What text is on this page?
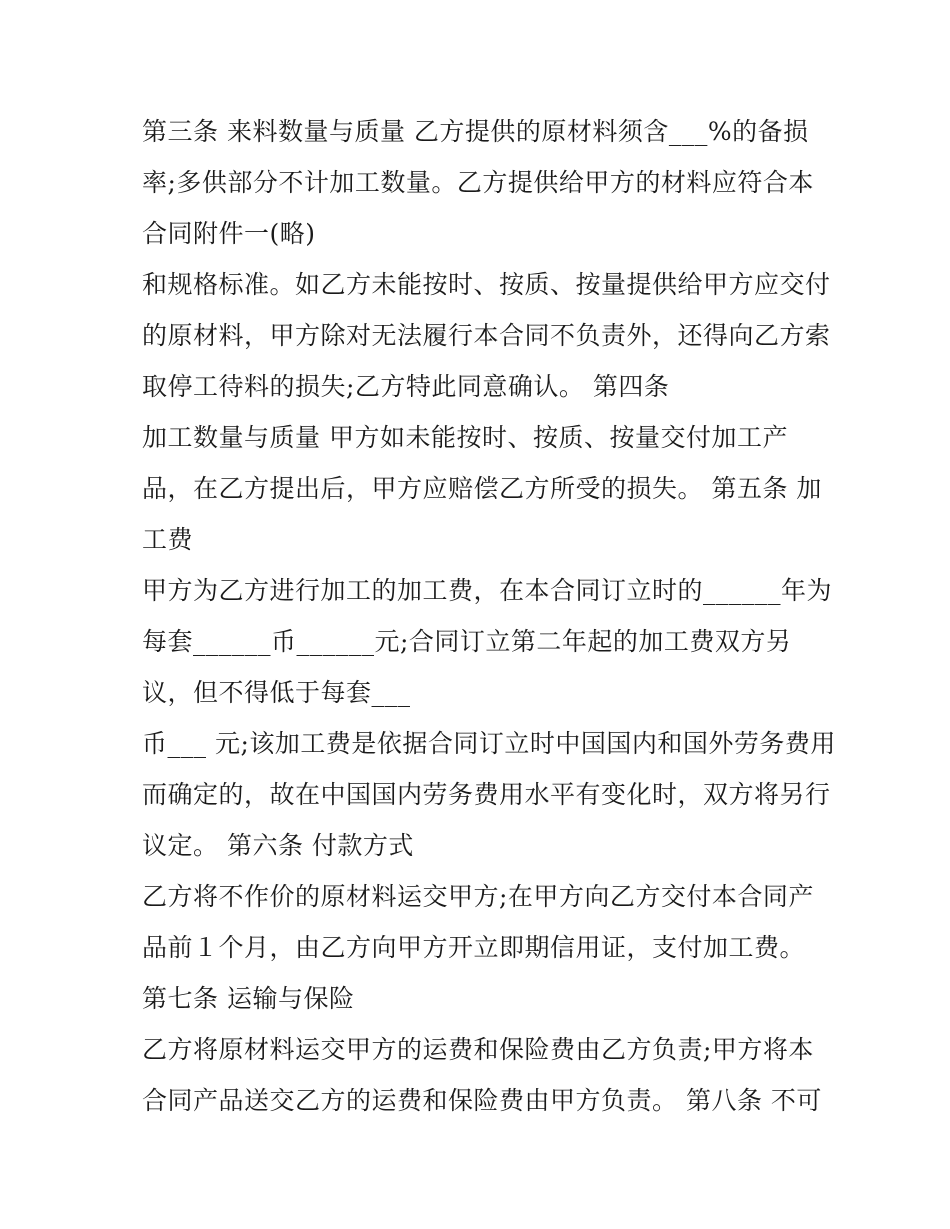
第三条 来料数量与质量 乙方提供的原材料须含___%的备损
率;多供部分不计加工数量。乙方提供给甲方的材料应符合本
合同附件一(略)
和规格标准。如乙方未能按时、按质、按量提供给甲方应交付
的原材料，甲方除对无法履行本合同不负责外，还得向乙方索
取停工待料的损失;乙方特此同意确认。 第四条
加工数量与质量 甲方如未能按时、按质、按量交付加工产
品，在乙方提出后，甲方应赔偿乙方所受的损失。 第五条 加
工费
甲方为乙方进行加工的加工费，在本合同订立时的______年为
每套______币______元;合同订立第二年起的加工费双方另
议，但不得低于每套___
币___ 元;该加工费是依据合同订立时中国国内和国外劳务费用
而确定的，故在中国国内劳务费用水平有变化时，双方将另行
议定。 第六条 付款方式
乙方将不作价的原材料运交甲方;在甲方向乙方交付本合同产
品前１个月，由乙方向甲方开立即期信用证，支付加工费。
第七条 运输与保险
乙方将原材料运交甲方的运费和保险费由乙方负责;甲方将本
合同产品送交乙方的运费和保险费由甲方负责。 第八条 不可
